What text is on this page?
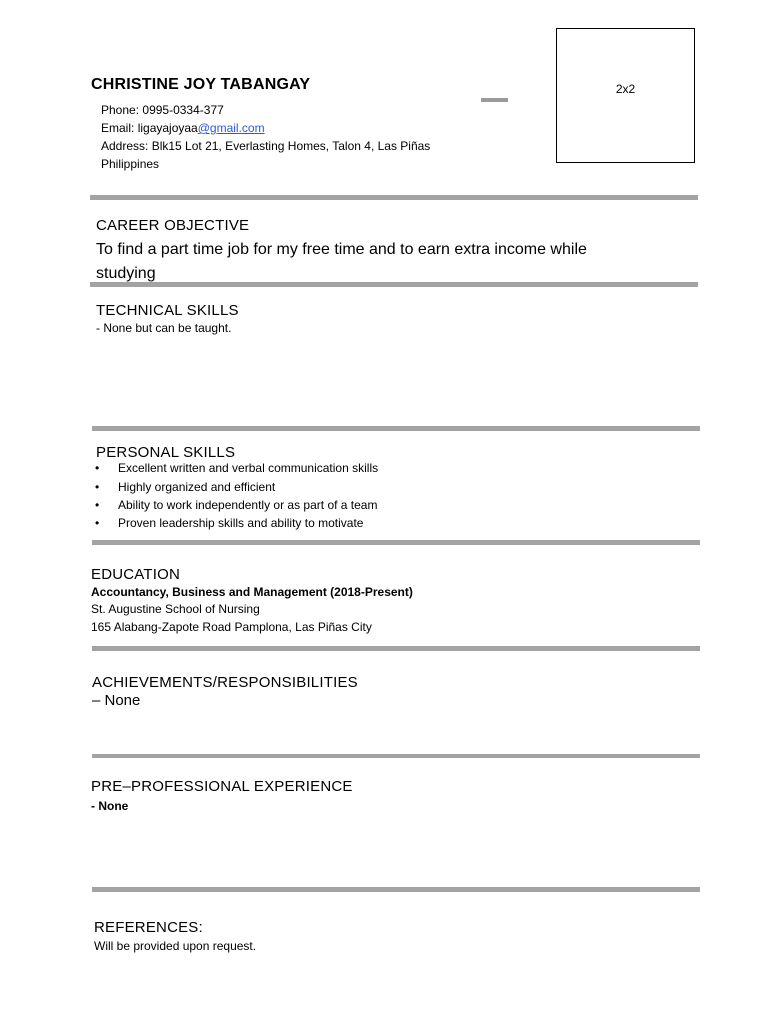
CHRISTINE JOY TABANGAY
Phone: 0995-0334-377
Email: ligayajoyaa@gmail.com
Address: Blk15 Lot 21, Everlasting Homes, Talon 4, Las Piñas
Philippines
2x2
CAREER OBJECTIVE
To find a part time job for my free time and to earn extra income while studying
TECHNICAL SKILLS
- None but can be taught.
PERSONAL SKILLS
• Excellent written and verbal communication skills
• Highly organized and efficient
• Ability to work independently or as part of a team
• Proven leadership skills and ability to motivate
EDUCATION
Accountancy, Business and Management (2018-Present)
St. Augustine School of Nursing
165 Alabang-Zapote Road Pamplona, Las Piñas City
ACHIEVEMENTS/RESPONSIBILITIES
– None
PRE–PROFESSIONAL EXPERIENCE
- None
REFERENCES:
Will be provided upon request.
